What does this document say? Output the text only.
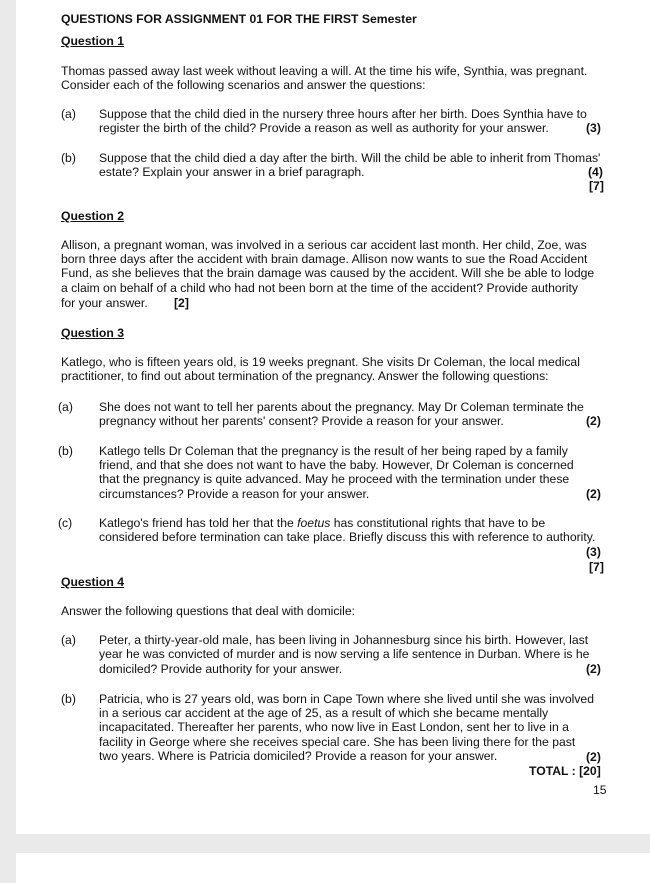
QUESTIONS FOR ASSIGNMENT 01 FOR THE FIRST Semester
Question 1
Thomas passed away last week without leaving a will. At the time his wife, Synthia, was pregnant.
Consider each of the following scenarios and answer the questions:
(a)	Suppose that the child died in the nursery three hours after her birth. Does Synthia have to
register the birth of the child? Provide a reason as well as authority for your answer.	(3)
(b)	Suppose that the child died a day after the birth. Will the child be able to inherit from Thomas'
estate? Explain your answer in a brief paragraph.	(4)
[7]
Question 2
Allison, a pregnant woman, was involved in a serious car accident last month. Her child, Zoe, was
born three days after the accident with brain damage. Allison now wants to sue the Road Accident
Fund, as she believes that the brain damage was caused by the accident. Will she be able to lodge
a claim on behalf of a child who had not been born at the time of the accident? Provide authority
for your answer. [2]
Question 3
Katlego, who is fifteen years old, is 19 weeks pregnant. She visits Dr Coleman, the local medical
practitioner, to find out about termination of the pregnancy. Answer the following questions:
(a)	She does not want to tell her parents about the pregnancy. May Dr Coleman terminate the
pregnancy without her parents' consent? Provide a reason for your answer.	(2)
(b)	Katlego tells Dr Coleman that the pregnancy is the result of her being raped by a family
friend, and that she does not want to have the baby. However, Dr Coleman is concerned
that the pregnancy is quite advanced. May he proceed with the termination under these
circumstances? Provide a reason for your answer.	(2)
(c)	Katlego's friend has told her that the foetus has constitutional rights that have to be
considered before termination can take place. Briefly discuss this with reference to authority.
(3)
[7]
Question 4
Answer the following questions that deal with domicile:
(a)	Peter, a thirty-year-old male, has been living in Johannesburg since his birth. However, last
year he was convicted of murder and is now serving a life sentence in Durban. Where is he
domiciled? Provide authority for your answer.	(2)
(b)	Patricia, who is 27 years old, was born in Cape Town where she lived until she was involved
in a serious car accident at the age of 25, as a result of which she became mentally
incapacitated. Thereafter her parents, who now live in East London, sent her to live in a
facility in George where she receives special care. She has been living there for the past
two years. Where is Patricia domiciled? Provide a reason for your answer.	(2)
TOTAL : [20]
15
